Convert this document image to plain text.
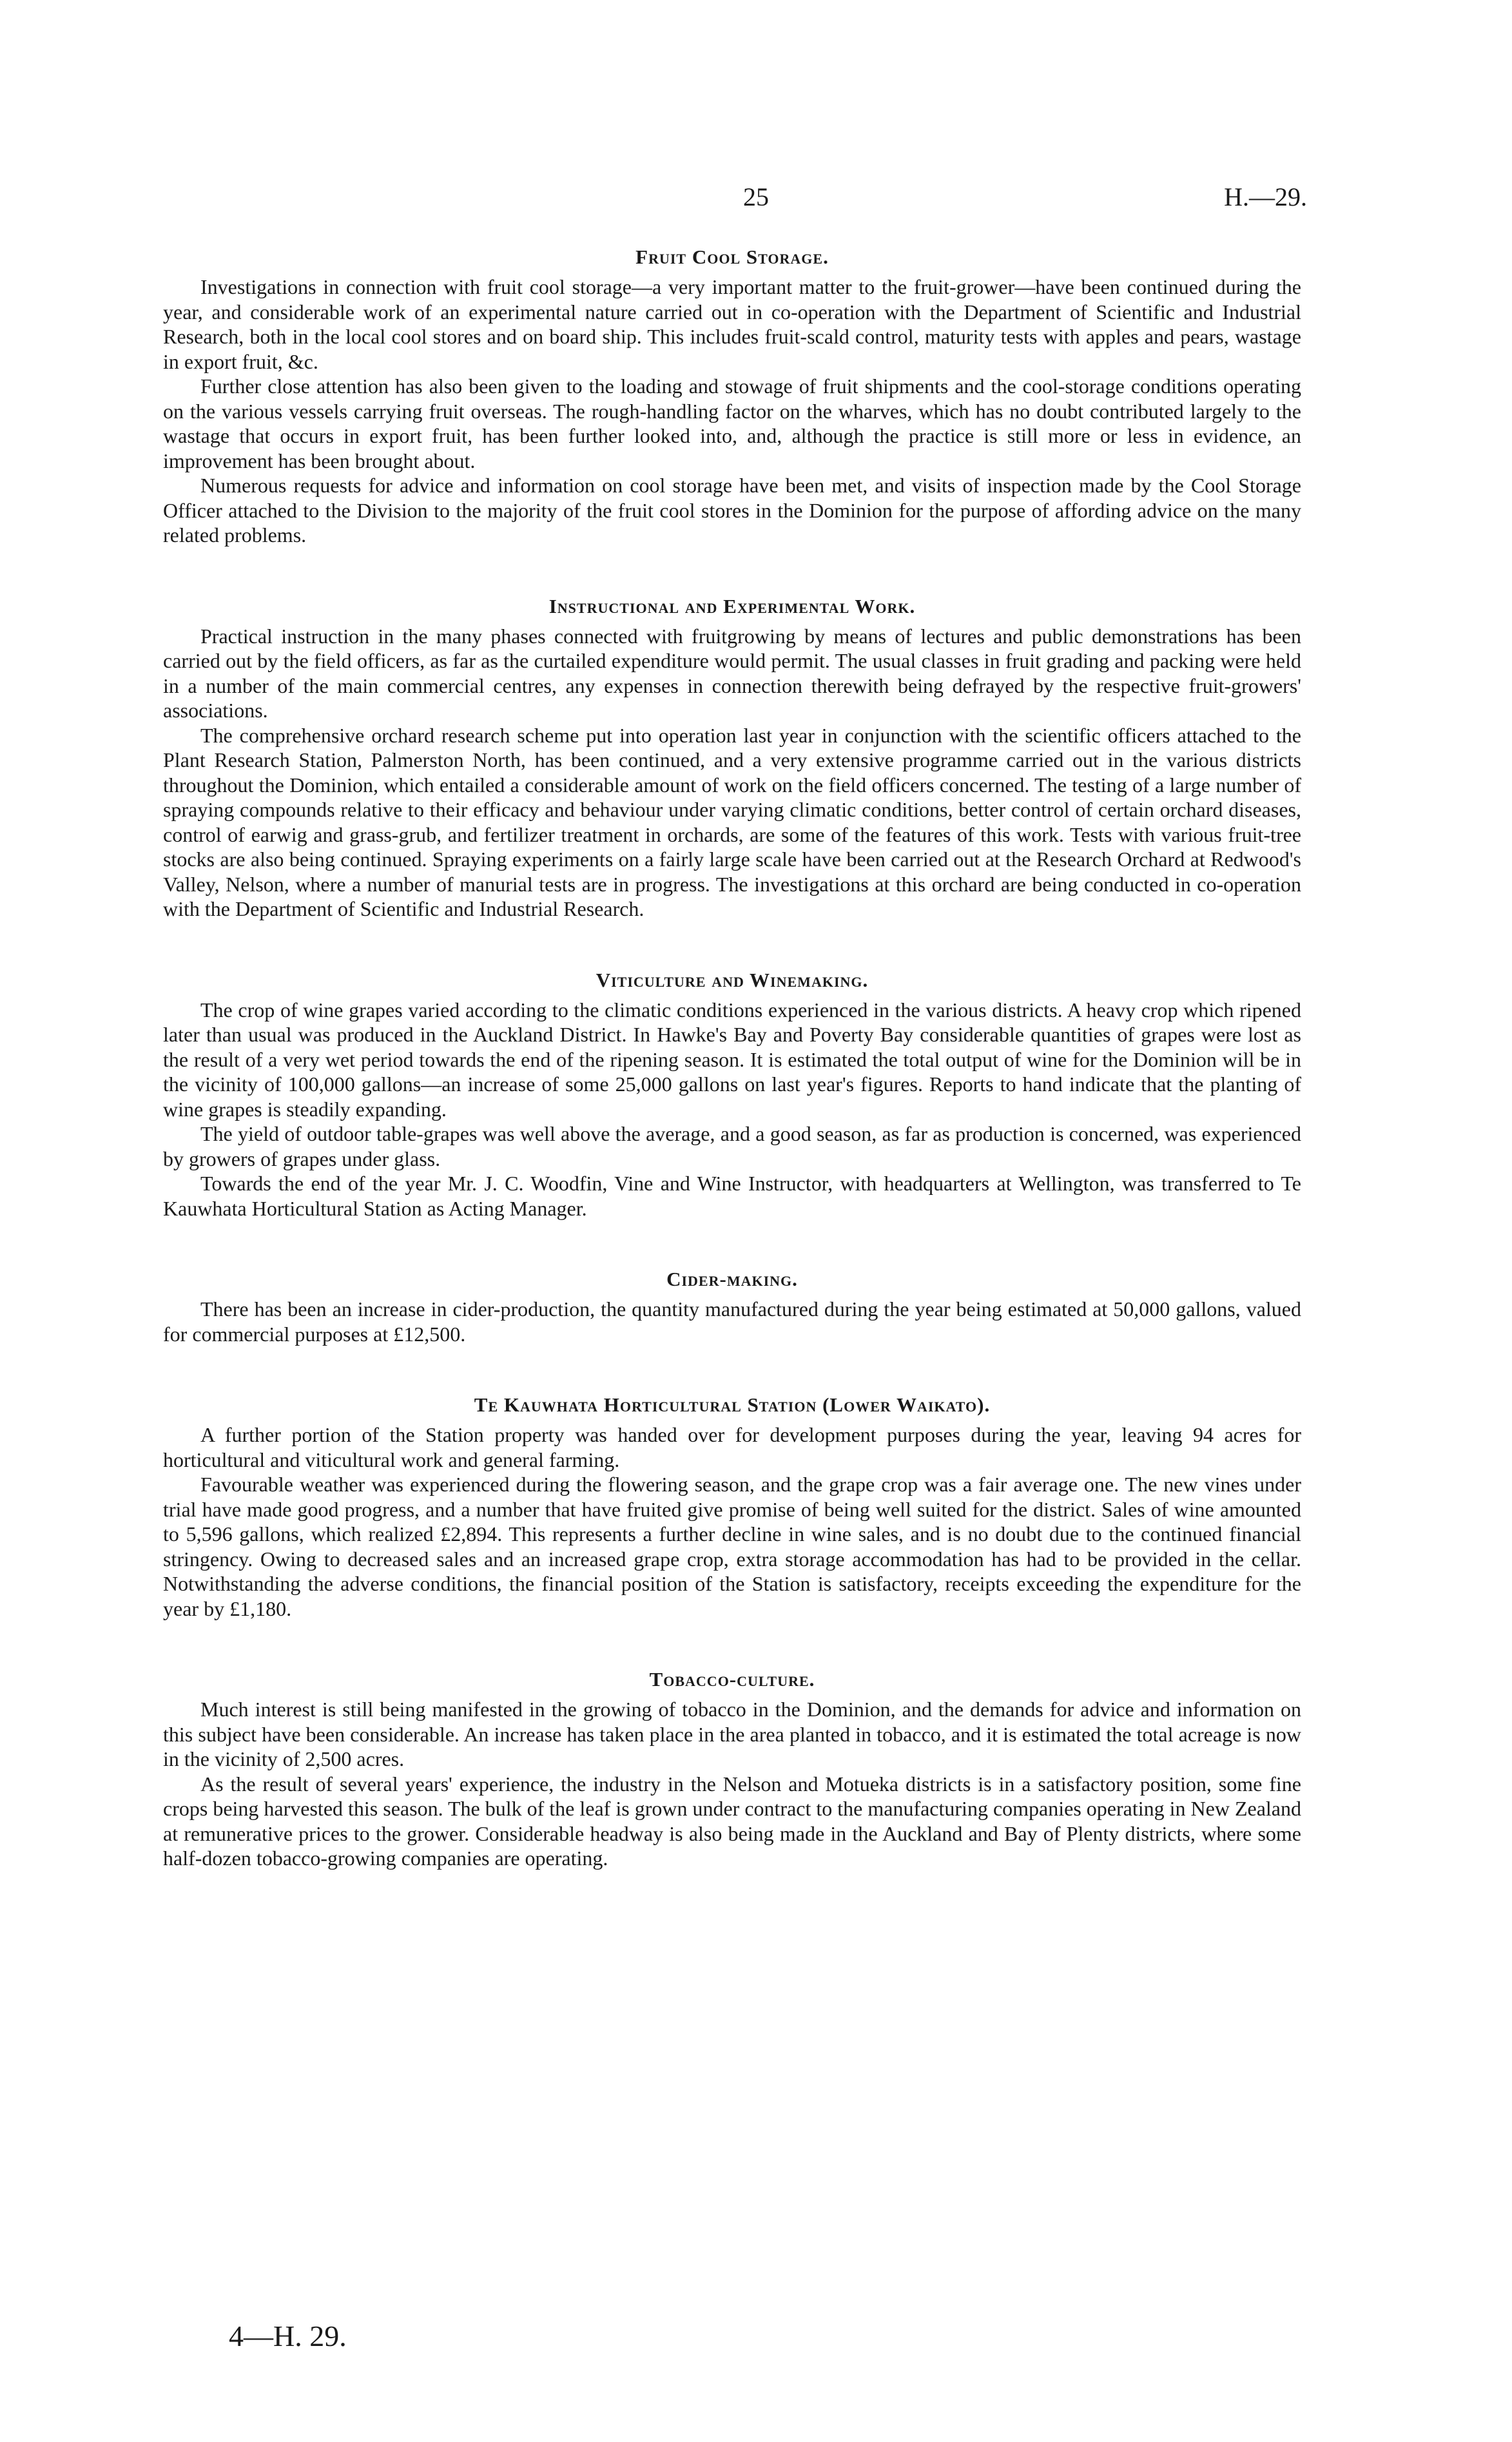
25	H.—29.
Fruit Cool Storage.

Investigations in connection with fruit cool storage—a very important matter to the fruit-grower—have been continued during the year, and considerable work of an experimental nature carried out in co-operation with the Department of Scientific and Industrial Research, both in the local cool stores and on board ship. This includes fruit-scald control, maturity tests with apples and pears, wastage in export fruit, &c.

Further close attention has also been given to the loading and stowage of fruit shipments and the cool-storage conditions operating on the various vessels carrying fruit overseas. The rough-handling factor on the wharves, which has no doubt contributed largely to the wastage that occurs in export fruit, has been further looked into, and, although the practice is still more or less in evidence, an improvement has been brought about.

Numerous requests for advice and information on cool storage have been met, and visits of inspection made by the Cool Storage Officer attached to the Division to the majority of the fruit cool stores in the Dominion for the purpose of affording advice on the many related problems.

Instructional and Experimental Work.

Practical instruction in the many phases connected with fruitgrowing by means of lectures and public demonstrations has been carried out by the field officers, as far as the curtailed expenditure would permit. The usual classes in fruit grading and packing were held in a number of the main commercial centres, any expenses in connection therewith being defrayed by the respective fruit-growers' associations.

The comprehensive orchard research scheme put into operation last year in conjunction with the scientific officers attached to the Plant Research Station, Palmerston North, has been continued, and a very extensive programme carried out in the various districts throughout the Dominion, which entailed a considerable amount of work on the field officers concerned. The testing of a large number of spraying compounds relative to their efficacy and behaviour under varying climatic conditions, better control of certain orchard diseases, control of earwig and grass-grub, and fertilizer treatment in orchards, are some of the features of this work. Tests with various fruit-tree stocks are also being continued. Spraying experiments on a fairly large scale have been carried out at the Research Orchard at Redwood's Valley, Nelson, where a number of manurial tests are in progress. The investigations at this orchard are being conducted in co-operation with the Department of Scientific and Industrial Research.

Viticulture and Winemaking.

The crop of wine grapes varied according to the climatic conditions experienced in the various districts. A heavy crop which ripened later than usual was produced in the Auckland District. In Hawke's Bay and Poverty Bay considerable quantities of grapes were lost as the result of a very wet period towards the end of the ripening season. It is estimated the total output of wine for the Dominion will be in the vicinity of 100,000 gallons—an increase of some 25,000 gallons on last year's figures. Reports to hand indicate that the planting of wine grapes is steadily expanding.

The yield of outdoor table-grapes was well above the average, and a good season, as far as production is concerned, was experienced by growers of grapes under glass.

Towards the end of the year Mr. J. C. Woodfin, Vine and Wine Instructor, with headquarters at Wellington, was transferred to Te Kauwhata Horticultural Station as Acting Manager.

Cider-making.

There has been an increase in cider-production, the quantity manufactured during the year being estimated at 50,000 gallons, valued for commercial purposes at £12,500.

Te Kauwhata Horticultural Station (Lower Waikato).

A further portion of the Station property was handed over for development purposes during the year, leaving 94 acres for horticultural and viticultural work and general farming.

Favourable weather was experienced during the flowering season, and the grape crop was a fair average one. The new vines under trial have made good progress, and a number that have fruited give promise of being well suited for the district. Sales of wine amounted to 5,596 gallons, which realized £2,894. This represents a further decline in wine sales, and is no doubt due to the continued financial stringency. Owing to decreased sales and an increased grape crop, extra storage accommodation has had to be provided in the cellar. Notwithstanding the adverse conditions, the financial position of the Station is satisfactory, receipts exceeding the expenditure for the year by £1,180.

Tobacco-culture.

Much interest is still being manifested in the growing of tobacco in the Dominion, and the demands for advice and information on this subject have been considerable. An increase has taken place in the area planted in tobacco, and it is estimated the total acreage is now in the vicinity of 2,500 acres.

As the result of several years' experience, the industry in the Nelson and Motueka districts is in a satisfactory position, some fine crops being harvested this season. The bulk of the leaf is grown under contract to the manufacturing companies operating in New Zealand at remunerative prices to the grower. Considerable headway is also being made in the Auckland and Bay of Plenty districts, where some half-dozen tobacco-growing companies are operating.

4—H. 29.
